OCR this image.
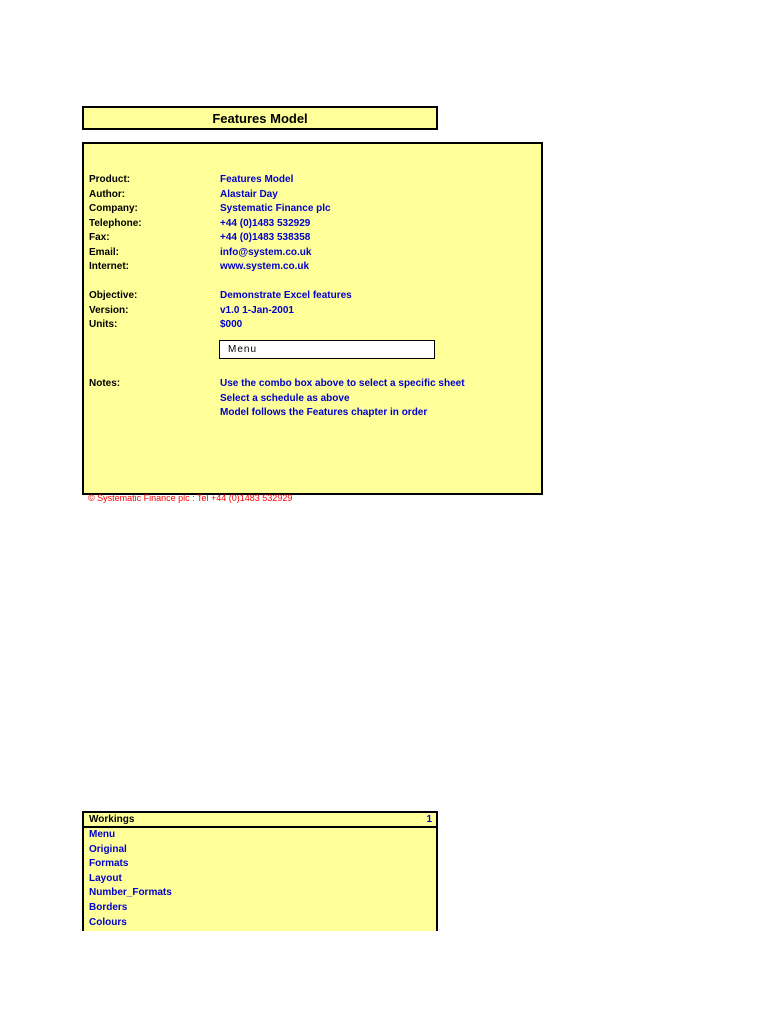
Features Model
Product:	Features Model
Author:	Alastair Day
Company:	Systematic Finance plc
Telephone:	+44 (0)1483 532929
Fax:	+44 (0)1483 538358
Email:	info@system.co.uk
Internet:	www.system.co.uk
Objective:	Demonstrate Excel features
Version:	v1.0 1-Jan-2001
Units:	$000
Menu
Notes:	Use the combo box above to select a specific sheet
Select a schedule as above
Model follows the Features chapter in order
© Systematic Finance plc : Tel +44 (0)1483 532929
Workings	1
Menu
Original
Formats
Layout
Number_Formats
Borders
Colours
